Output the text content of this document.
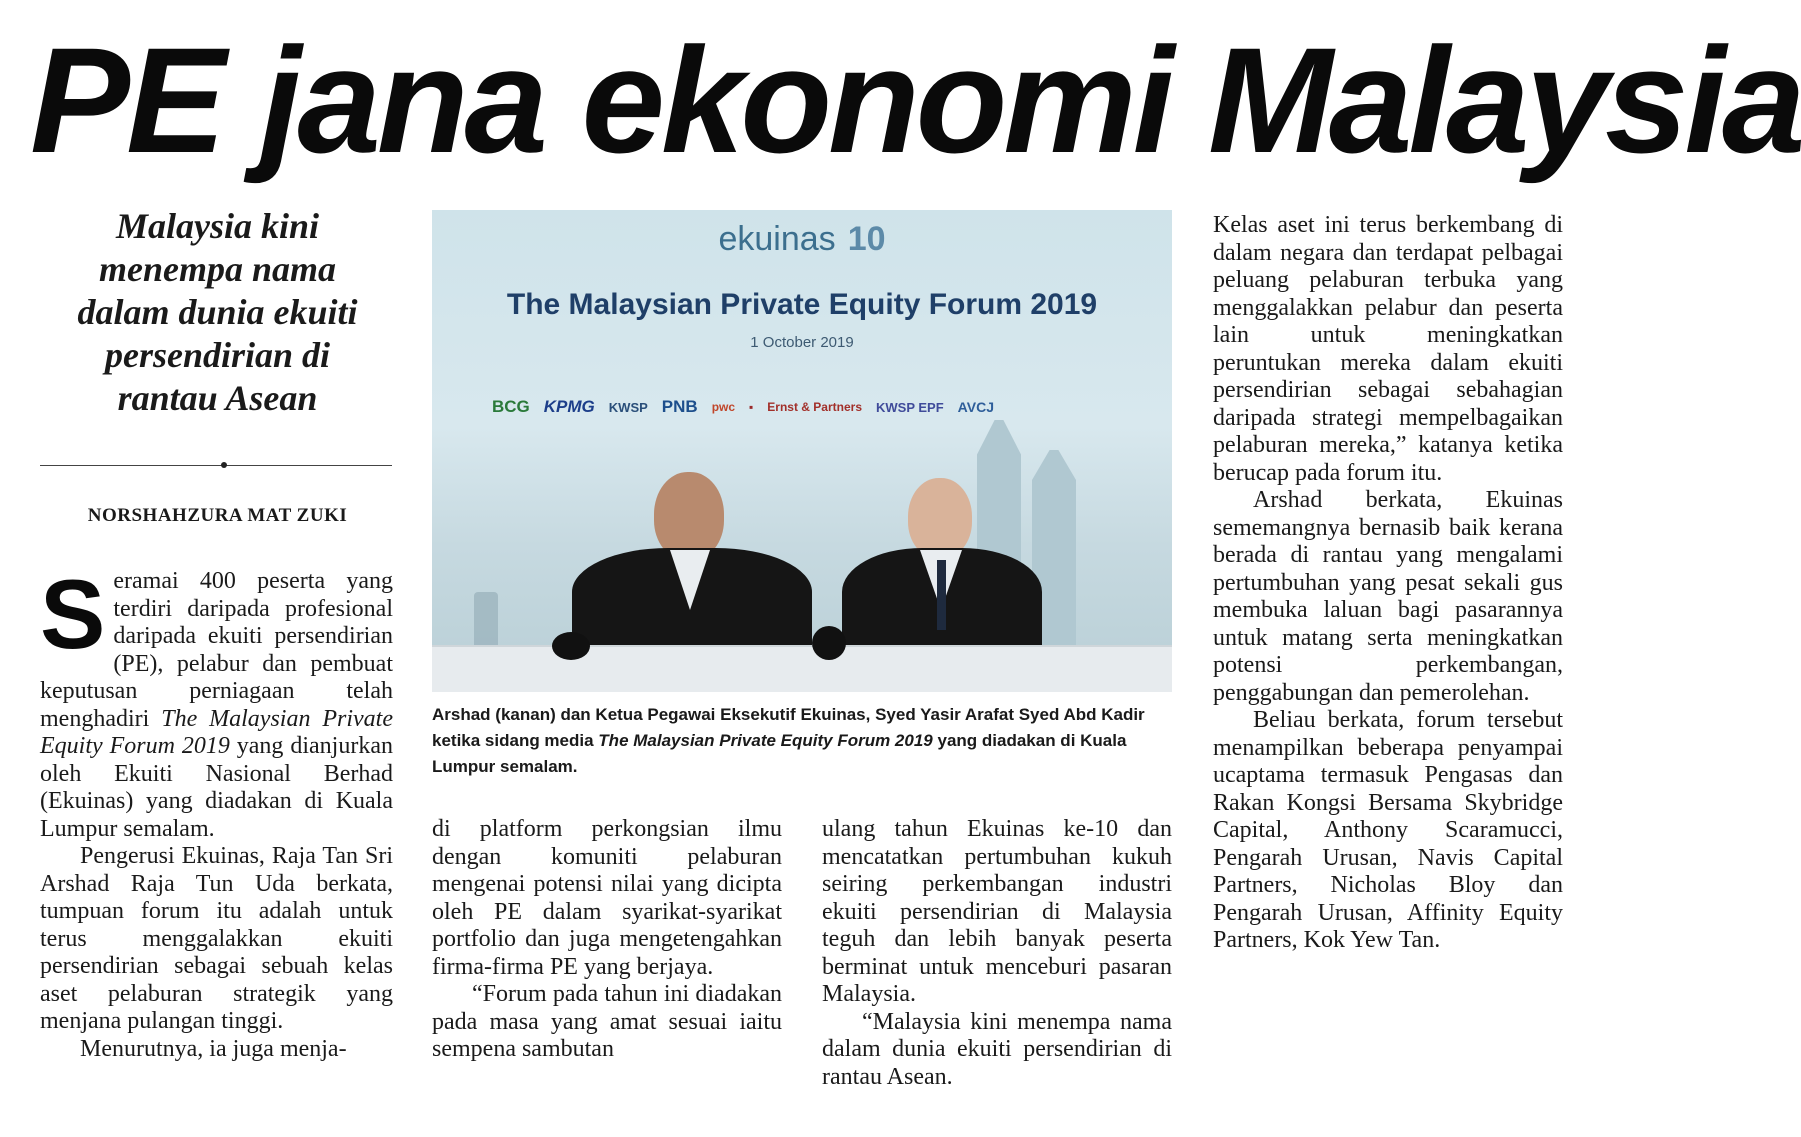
PE jana ekonomi Malaysia
Malaysia kini
menempa nama
dalam dunia ekuiti
persendirian di
rantau Asean
NORSHAHZURA MAT ZUKI

Seramai 400 peserta yang terdiri daripada profesional daripada ekuiti persendirian (PE), pelabur dan pembuat keputusan perniagaan telah menghadiri The Malaysian Private Equity Forum 2019 yang dianjurkan oleh Ekuiti Nasional Berhad (Ekuinas) yang diadakan di Kuala Lumpur semalam.

Pengerusi Ekuinas, Raja Tan Sri Arshad Raja Tun Uda berkata, tumpuan forum itu adalah untuk terus menggalakkan ekuiti persendirian sebagai sebuah kelas aset pelaburan strategik yang menjana pulangan tinggi.

Menurutnya, ia juga menja-

ekuinas 10
The Malaysian Private Equity Forum 2019
1 October 2019
BCG KPMG KWSP PNB pwc ▪ Ernst & Partners KWSP EPF AVCJ
Arshad (kanan) dan Ketua Pegawai Eksekutif Ekuinas, Syed Yasir Arafat Syed Abd Kadir ketika sidang media The Malaysian Private Equity Forum 2019 yang diadakan di Kuala Lumpur semalam.

di platform perkongsian ilmu dengan komuniti pelaburan mengenai potensi nilai yang dicipta oleh PE dalam syarikat-syarikat portfolio dan juga mengetengahkan firma-firma PE yang berjaya.

“Forum pada tahun ini diadakan pada masa yang amat sesuai iaitu sempena sambutan

ulang tahun Ekuinas ke-10 dan mencatatkan pertumbuhan kukuh seiring perkembangan industri ekuiti persendirian di Malaysia teguh dan lebih banyak peserta berminat untuk menceburi pasaran Malaysia.

“Malaysia kini menempa nama dalam dunia ekuiti persendirian di rantau Asean.

Kelas aset ini terus berkembang di dalam negara dan terdapat pelbagai peluang pelaburan terbuka yang menggalakkan pelabur dan peserta lain untuk meningkatkan peruntukan mereka dalam ekuiti persendirian sebagai sebahagian daripada strategi mempelbagaikan pelaburan mereka,” katanya ketika berucap pada forum itu.

Arshad berkata, Ekuinas sememangnya bernasib baik kerana berada di rantau yang mengalami pertumbuhan yang pesat sekali gus membuka laluan bagi pasarannya untuk matang serta meningkatkan potensi perkembangan, penggabungan dan pemerolehan.

Beliau berkata, forum tersebut menampilkan beberapa penyampai ucaptama termasuk Pengasas dan Rakan Kongsi Bersama Skybridge Capital, Anthony Scaramucci, Pengarah Urusan, Navis Capital Partners, Nicholas Bloy dan Pengarah Urusan, Affinity Equity Partners, Kok Yew Tan.
